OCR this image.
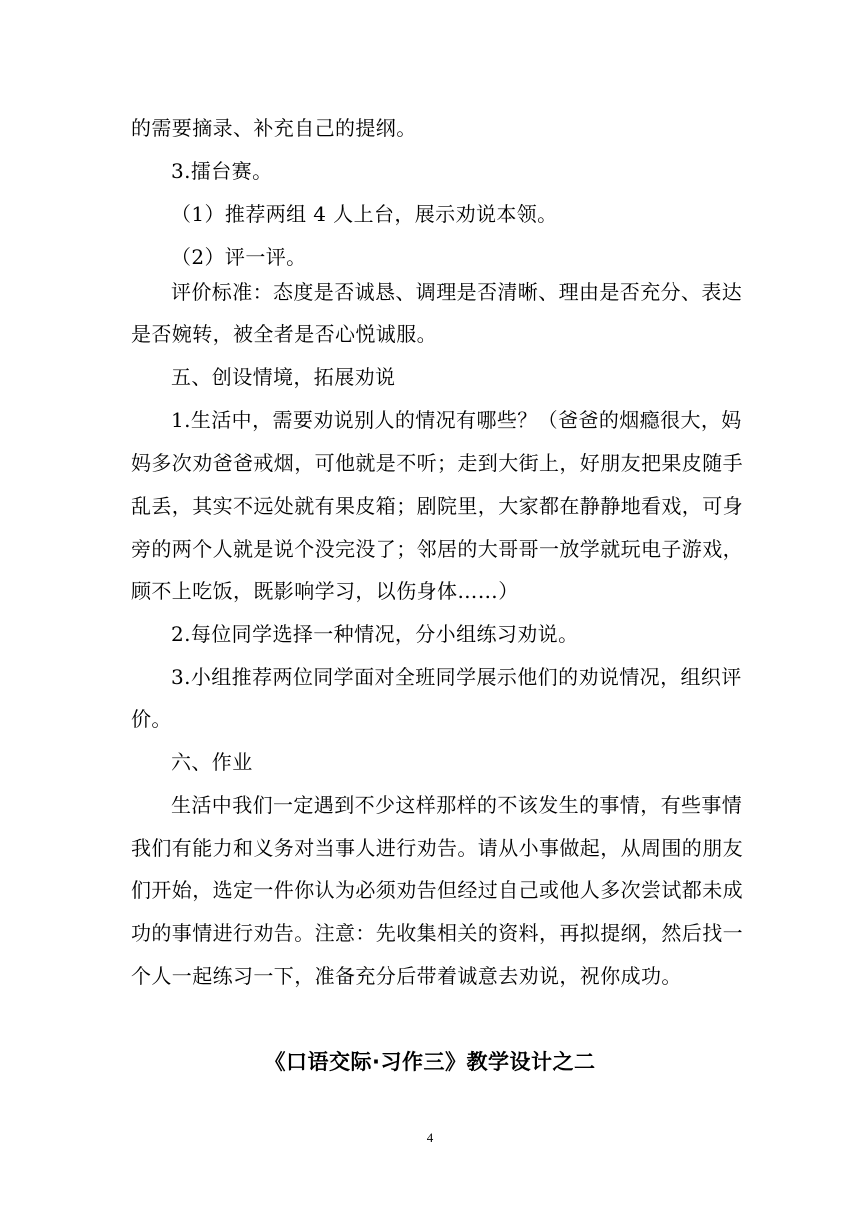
的需要摘录、补充自己的提纲。
3.擂台赛。
（1）推荐两组 4 人上台，展示劝说本领。
（2）评一评。
评价标准：态度是否诚恳、调理是否清晰、理由是否充分、表达
是否婉转，被全者是否心悦诚服。
五、创设情境，拓展劝说
1.生活中，需要劝说别人的情况有哪些？（爸爸的烟瘾很大，妈
妈多次劝爸爸戒烟，可他就是不听；走到大街上，好朋友把果皮随手
乱丢，其实不远处就有果皮箱；剧院里，大家都在静静地看戏，可身
旁的两个人就是说个没完没了；邻居的大哥哥一放学就玩电子游戏，
顾不上吃饭，既影响学习，以伤身体……）
2.每位同学选择一种情况，分小组练习劝说。
3.小组推荐两位同学面对全班同学展示他们的劝说情况，组织评
价。
六、作业
生活中我们一定遇到不少这样那样的不该发生的事情，有些事情
我们有能力和义务对当事人进行劝告。请从小事做起，从周围的朋友
们开始，选定一件你认为必须劝告但经过自己或他人多次尝试都未成
功的事情进行劝告。注意：先收集相关的资料，再拟提纲，然后找一
个人一起练习一下，准备充分后带着诚意去劝说，祝你成功。
《口语交际·习作三》教学设计之二
4
